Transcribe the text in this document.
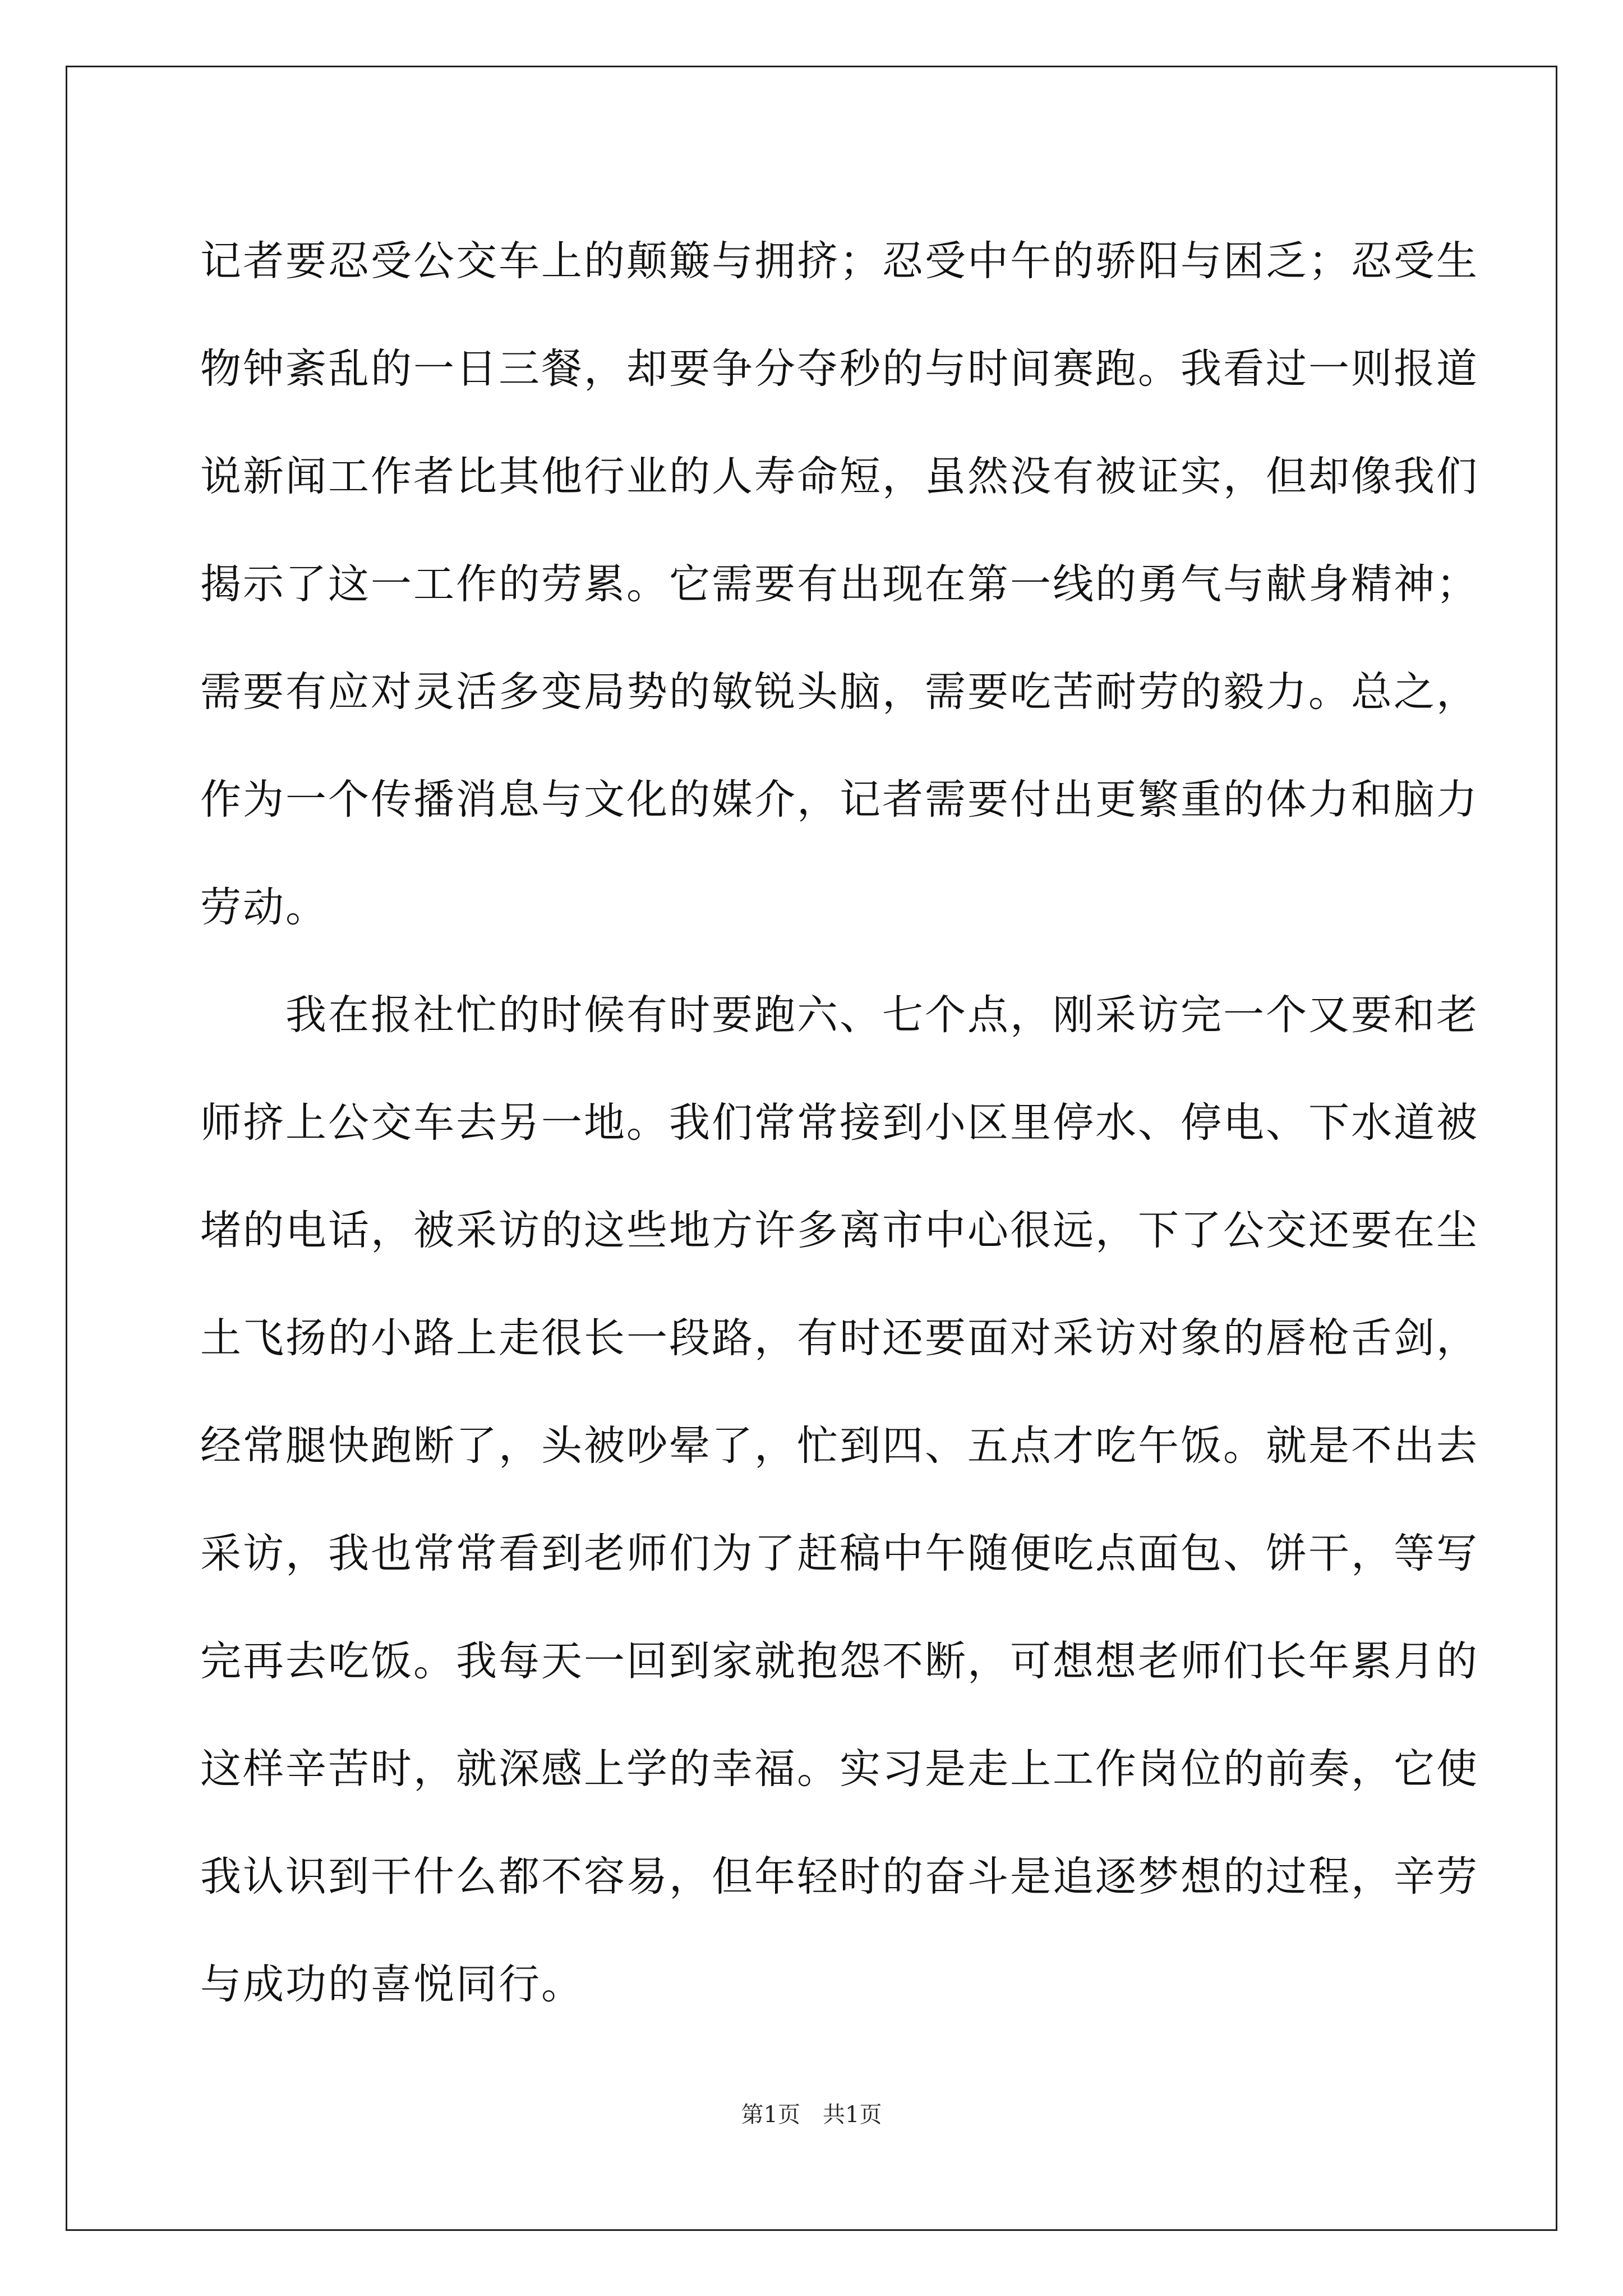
记者要忍受公交车上的颠簸与拥挤；忍受中午的骄阳与困乏；忍受生
物钟紊乱的一日三餐，却要争分夺秒的与时间赛跑。我看过一则报道
说新闻工作者比其他行业的人寿命短，虽然没有被证实，但却像我们
揭示了这一工作的劳累。它需要有出现在第一线的勇气与献身精神；
需要有应对灵活多变局势的敏锐头脑，需要吃苦耐劳的毅力。总之，
作为一个传播消息与文化的媒介，记者需要付出更繁重的体力和脑力
劳动。
　　我在报社忙的时候有时要跑六、七个点，刚采访完一个又要和老
师挤上公交车去另一地。我们常常接到小区里停水、停电、下水道被
堵的电话，被采访的这些地方许多离市中心很远，下了公交还要在尘
土飞扬的小路上走很长一段路，有时还要面对采访对象的唇枪舌剑，
经常腿快跑断了，头被吵晕了，忙到四、五点才吃午饭。就是不出去
采访，我也常常看到老师们为了赶稿中午随便吃点面包、饼干，等写
完再去吃饭。我每天一回到家就抱怨不断，可想想老师们长年累月的
这样辛苦时，就深感上学的幸福。实习是走上工作岗位的前奏，它使
我认识到干什么都不容易，但年轻时的奋斗是追逐梦想的过程，辛劳
与成功的喜悦同行。
第1页 共1页
